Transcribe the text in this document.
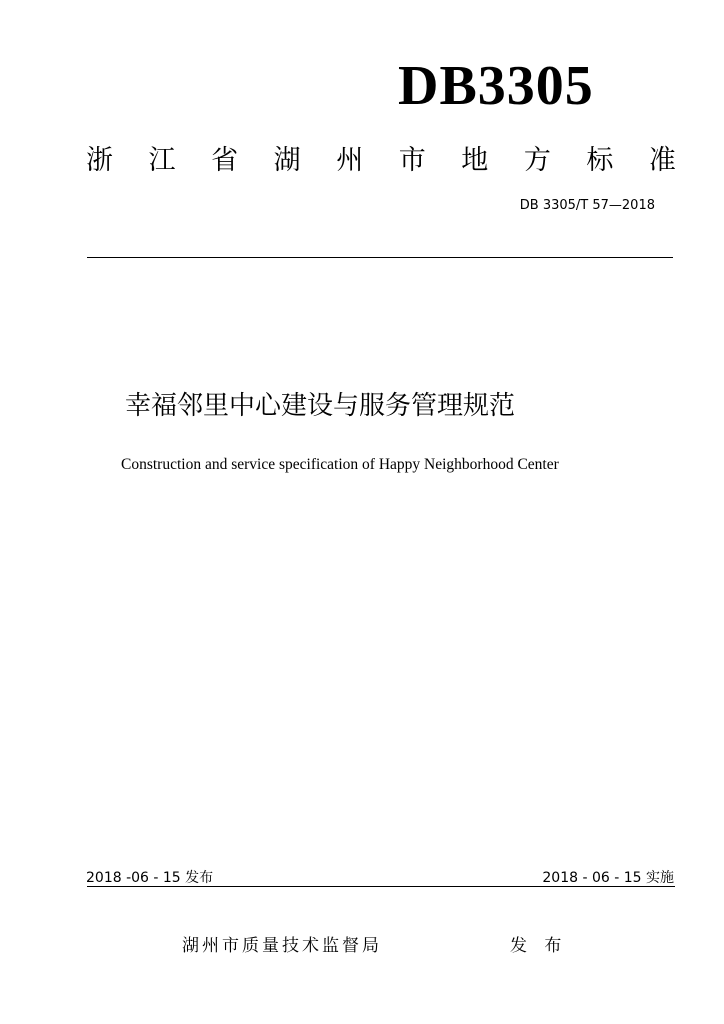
DB3305
浙 江 省 湖 州 市 地 方 标 准
DB 3305/T 57—2018
幸福邻里中心建设与服务管理规范
Construction and service specification of Happy Neighborhood Center
2018 -06 - 15 发布	2018 - 06 - 15 实施
湖州市质量技术监督局	发 布
